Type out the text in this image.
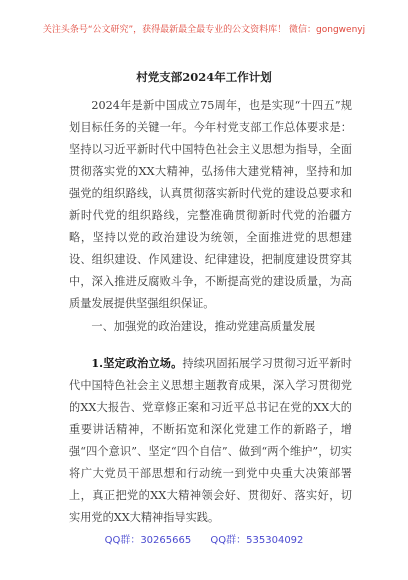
关注头条号“公文研究”，获得最新最全最专业的公文资料库！ 微信：gongwenyj
村党支部2024年工作计划
2024年是新中国成立75周年，也是实现“十四五”规划目标任务的关键一年。今年村党支部工作总体要求是：坚持以习近平新时代中国特色社会主义思想为指导，全面贯彻落实党的XX大精神，弘扬伟大建党精神，坚持和加强党的组织路线，认真贯彻落实新时代党的建设总要求和新时代党的组织路线，完整准确贯彻新时代党的治疆方略，坚持以党的政治建设为统领，全面推进党的思想建设、组织建设、作风建设、纪律建设，把制度建设贯穿其中，深入推进反腐败斗争，不断提高党的建设质量，为高质量发展提供坚强组织保证。
一、加强党的政治建设，推动党建高质量发展
1.坚定政治立场。持续巩固拓展学习贯彻习近平新时代中国特色社会主义思想主题教育成果，深入学习贯彻党的XX大报告、党章修正案和习近平总书记在党的XX大的重要讲话精神，不断拓宽和深化党建工作的新路子，增强“四个意识”、坚定“四个自信”、做到“两个维护”，切实将广大党员干部思想和行动统一到党中央重大决策部署上，真正把党的XX大精神领会好、贯彻好、落实好，切实用党的XX大精神指导实践。
QQ群：30265665 QQ群：535304092
